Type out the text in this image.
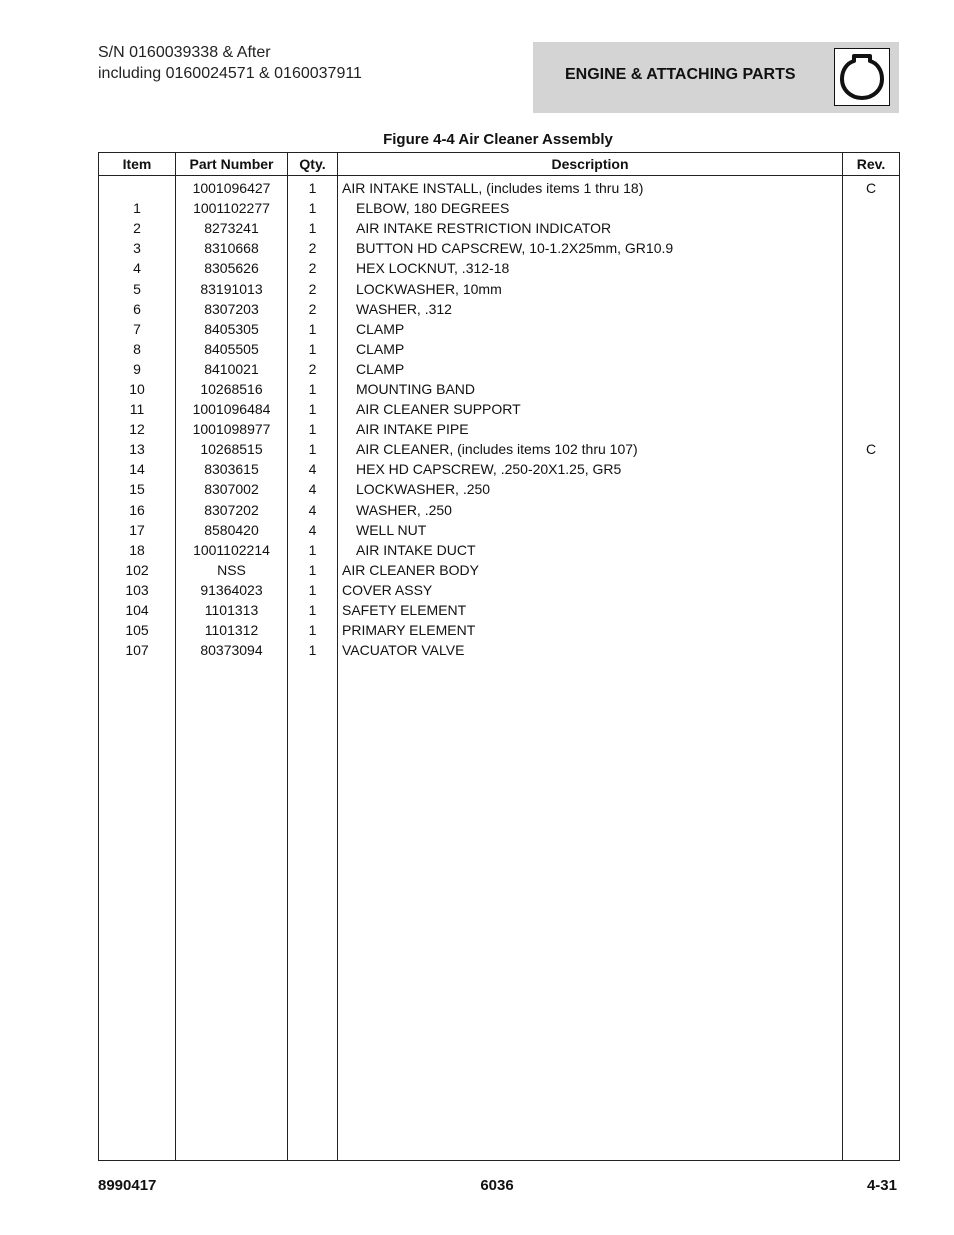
S/N 0160039338 & After
including 0160024571 & 0160037911	ENGINE & ATTACHING PARTS
Figure 4-4 Air Cleaner Assembly
Item	Part Number	Qty.	Description	Rev.
	1001096427	1	AIR INTAKE INSTALL, (includes items 1 thru 18)	C
1	1001102277	1	ELBOW, 180 DEGREES	
2	8273241	1	AIR INTAKE RESTRICTION INDICATOR	
3	8310668	2	BUTTON HD CAPSCREW, 10-1.2X25mm, GR10.9	
4	8305626	2	HEX LOCKNUT, .312-18	
5	83191013	2	LOCKWASHER, 10mm	
6	8307203	2	WASHER, .312	
7	8405305	1	CLAMP	
8	8405505	1	CLAMP	
9	8410021	2	CLAMP	
10	10268516	1	MOUNTING BAND	
11	1001096484	1	AIR CLEANER SUPPORT	
12	1001098977	1	AIR INTAKE PIPE	
13	10268515	1	AIR CLEANER, (includes items 102 thru 107)	C
14	8303615	4	HEX HD CAPSCREW, .250-20X1.25, GR5	
15	8307002	4	LOCKWASHER, .250	
16	8307202	4	WASHER, .250	
17	8580420	4	WELL NUT	
18	1001102214	1	AIR INTAKE DUCT	
102	NSS	1	AIR CLEANER BODY	
103	91364023	1	COVER ASSY	
104	1101313	1	SAFETY ELEMENT	
105	1101312	1	PRIMARY ELEMENT	
107	80373094	1	VACUATOR VALVE	

8990417	6036	4-31
